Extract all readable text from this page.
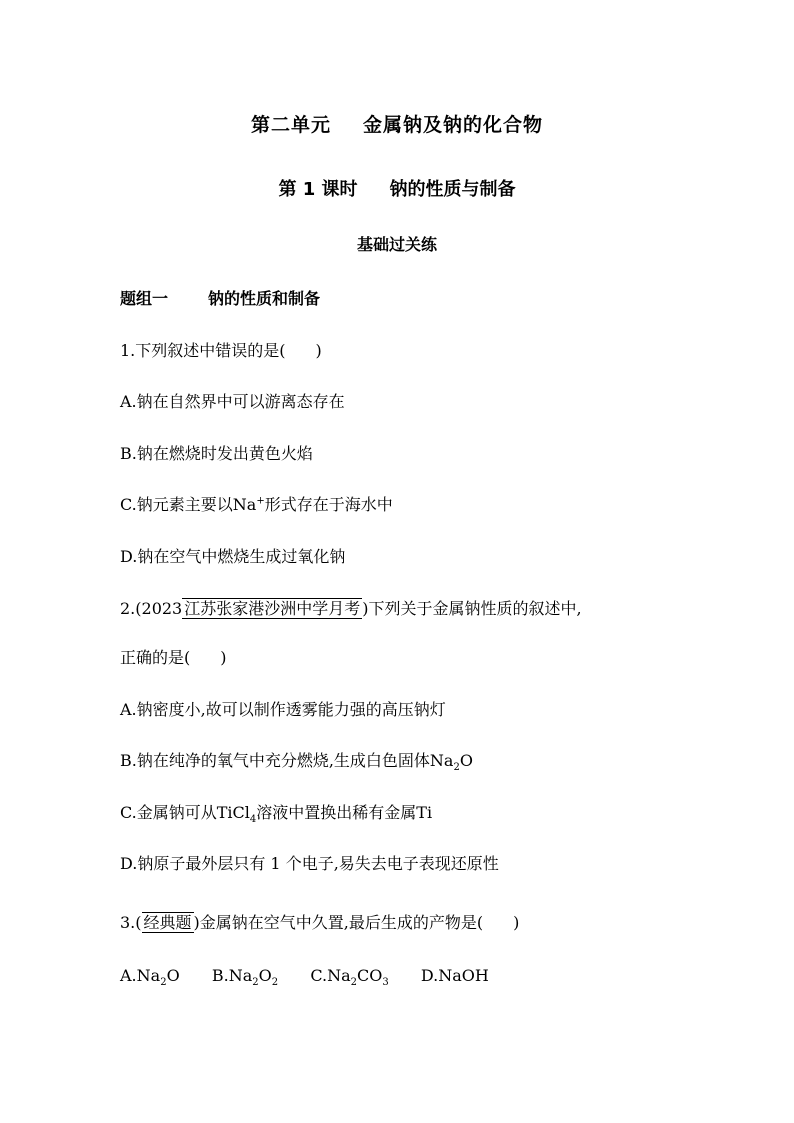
第二单元 金属钠及钠的化合物
第 1 课时 钠的性质与制备
基础过关练
题组一	钠的性质和制备
1.下列叙述中错误的是( )
A.钠在自然界中可以游离态存在
B.钠在燃烧时发出黄色火焰
C.钠元素主要以Na+形式存在于海水中
D.钠在空气中燃烧生成过氧化钠
2.(2023 江苏张家港沙洲中学月考 )下列关于金属钠性质的叙述中,
正确的是( )
A.钠密度小,故可以制作透雾能力强的高压钠灯
B.钠在纯净的氧气中充分燃烧,生成白色固体$Na_2O$
C.金属钠可从TiCl$_4$溶液中置换出稀有金属Ti
D.钠原子最外层只有 1 个电子,易失去电子表现还原性
3.( 经典题 )金属钠在空气中久置,最后生成的产物是( )
$A.Na_2O$ $B.Na_2O_2$ $C.Na_2CO_3$ D.NaOH
